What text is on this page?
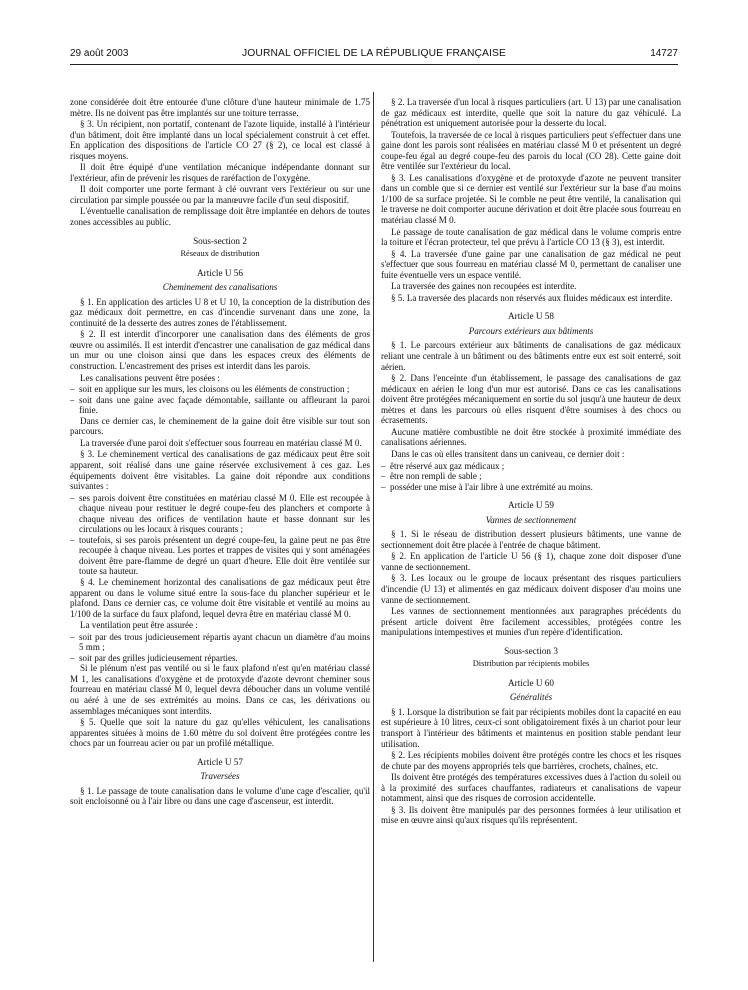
29 août 2003	JOURNAL OFFICIEL DE LA RÉPUBLIQUE FRANÇAISE	14727

zone considérée doit être entourée d'une clôture d'une hauteur minimale de 1.75 mètre. Ils ne doivent pas être implantés sur une toiture terrasse.

§ 3. Un récipient, non portatif, contenant de l'azote liquide, installé à l'intérieur d'un bâtiment, doit être implanté dans un local spécialement construit à cet effet. En application des dispositions de l'article CO 27 (§ 2), ce local est classé à risques moyens.

Il doit être équipé d'une ventilation mécanique indépendante donnant sur l'extérieur, afin de prévenir les risques de raréfaction de l'oxygène.

Il doit comporter une porte fermant à clé ouvrant vers l'extérieur ou sur une circulation par simple poussée ou par la manœuvre facile d'un seul dispositif.

L'éventuelle canalisation de remplissage doit être implantée en dehors de toutes zones accessibles au public.

Sous-section 2

Réseaux de distribution

Article U 56

Cheminement des canalisations

§ 1. En application des articles U 8 et U 10, la conception de la distribution des gaz médicaux doit permettre, en cas d'incendie survenant dans une zone, la continuité de la desserte des autres zones de l'établissement.

§ 2. Il est interdit d'incorporer une canalisation dans des éléments de gros œuvre ou assimilés. Il est interdit d'encastrer une canalisation de gaz médical dans un mur ou une cloison ainsi que dans les espaces creux des éléments de construction. L'encastrement des prises est interdit dans les parois.

Les canalisations peuvent être posées :

– soit en applique sur les murs, les cloisons ou les éléments de construction ;

– soit dans une gaine avec façade démontable, saillante ou affleurant la paroi finie.

Dans ce dernier cas, le cheminement de la gaine doit être visible sur tout son parcours.

La traversée d'une paroi doit s'effectuer sous fourreau en matériau classé M 0.

§ 3. Le cheminement vertical des canalisations de gaz médicaux peut être soit apparent, soit réalisé dans une gaine réservée exclusivement à ces gaz. Les équipements doivent être visitables. La gaine doit répondre aux conditions suivantes :

– ses parois doivent être constituées en matériau classé M 0. Elle est recoupée à chaque niveau pour restituer le degré coupe-feu des planchers et comporte à chaque niveau des orifices de ventilation haute et basse donnant sur les circulations ou les locaux à risques courants ;

– toutefois, si ses parois présentent un degré coupe-feu, la gaine peut ne pas être recoupée à chaque niveau. Les portes et trappes de visites qui y sont aménagées doivent être pare-flamme de degré un quart d'heure. Elle doit être ventilée sur toute sa hauteur.

§ 4. Le cheminement horizontal des canalisations de gaz médicaux peut être apparent ou dans le volume situé entre la sous-face du plancher supérieur et le plafond. Dans ce dernier cas, ce volume doit être visitable et ventilé au moins au 1/100 de la surface du faux plafond, lequel devra être en matériau classé M 0.

La ventilation peut être assurée :

– soit par des trous judicieusement répartis ayant chacun un diamètre d'au moins 5 mm ;

– soit par des grilles judicieusement réparties.

Si le plénum n'est pas ventilé ou si le faux plafond n'est qu'en matériau classé M 1, les canalisations d'oxygène et de protoxyde d'azote devront cheminer sous fourreau en matériau classé M 0, lequel devra déboucher dans un volume ventilé ou aéré à une de ses extrémités au moins. Dans ce cas, les dérivations ou assemblages mécaniques sont interdits.

§ 5. Quelle que soit la nature du gaz qu'elles véhiculent, les canalisations apparentes situées à moins de 1.60 mètre du sol doivent être protégées contre les chocs par un fourreau acier ou par un profilé métallique.

Article U 57

Traversées

§ 1. Le passage de toute canalisation dans le volume d'une cage d'escalier, qu'il soit encloisonné ou à l'air libre ou dans une cage d'ascenseur, est interdit.

§ 2. La traversée d'un local à risques particuliers (art. U 13) par une canalisation de gaz médicaux est interdite, quelle que soit la nature du gaz véhiculé. La pénétration est uniquement autorisée pour la desserte du local.

Toutefois, la traversée de ce local à risques particuliers peut s'effectuer dans une gaine dont les parois sont réalisées en matériau classé M 0 et présentent un degré coupe-feu égal au degré coupe-feu des parois du local (CO 28). Cette gaine doit être ventilée sur l'extérieur du local.

§ 3. Les canalisations d'oxygène et de protoxyde d'azote ne peuvent transiter dans un comble que si ce dernier est ventilé sur l'extérieur sur la base d'au moins 1/100 de sa surface projetée. Si le comble ne peut être ventilé, la canalisation qui le traverse ne doit comporter aucune dérivation et doit être placée sous fourreau en matériau classé M 0.

Le passage de toute canalisation de gaz médical dans le volume compris entre la toiture et l'écran protecteur, tel que prévu à l'article CO 13 (§ 3), est interdit.

§ 4. La traversée d'une gaine par une canalisation de gaz médical ne peut s'effectuer que sous fourreau en matériau classé M 0, permettant de canaliser une fuite éventuelle vers un espace ventilé.

La traversée des gaines non recoupées est interdite.

§ 5. La traversée des placards non réservés aux fluides médicaux est interdite.

Article U 58

Parcours extérieurs aux bâtiments

§ 1. Le parcours extérieur aux bâtiments de canalisations de gaz médicaux reliant une centrale à un bâtiment ou des bâtiments entre eux est soit enterré, soit aérien.

§ 2. Dans l'enceinte d'un établissement, le passage des canalisations de gaz médicaux en aérien le long d'un mur est autorisé. Dans ce cas les canalisations doivent être protégées mécaniquement en sortie du sol jusqu'à une hauteur de deux mètres et dans les parcours où elles risquent d'être soumises à des chocs ou écrasements.

Aucune matière combustible ne doit être stockée à proximité immédiate des canalisations aériennes.

Dans le cas où elles transitent dans un caniveau, ce dernier doit :

– être réservé aux gaz médicaux ;

– être non rempli de sable ;

– posséder une mise à l'air libre à une extrémité au moins.

Article U 59

Vannes de sectionnement

§ 1. Si le réseau de distribution dessert plusieurs bâtiments, une vanne de sectionnement doit être placée à l'entrée de chaque bâtiment.

§ 2. En application de l'article U 56 (§ 1), chaque zone doit disposer d'une vanne de sectionnement.

§ 3. Les locaux ou le groupe de locaux présentant des risques particuliers d'incendie (U 13) et alimentés en gaz médicaux doivent disposer d'au moins une vanne de sectionnement.

Les vannes de sectionnement mentionnées aux paragraphes précédents du présent article doivent être facilement accessibles, protégées contre les manipulations intempestives et munies d'un repère d'identification.

Sous-section 3

Distribution par récipients mobiles

Article U 60

Généralités

§ 1. Lorsque la distribution se fait par récipients mobiles dont la capacité en eau est supérieure à 10 litres, ceux-ci sont obligatoirement fixés à un chariot pour leur transport à l'intérieur des bâtiments et maintenus en position stable pendant leur utilisation.

§ 2. Les récipients mobiles doivent être protégés contre les chocs et les risques de chute par des moyens appropriés tels que barrières, crochets, chaînes, etc.

Ils doivent être protégés des températures excessives dues à l'action du soleil ou à la proximité des surfaces chauffantes, radiateurs et canalisations de vapeur notamment, ainsi que des risques de corrosion accidentelle.

§ 3. Ils doivent être manipulés par des personnes formées à leur utilisation et mise en œuvre ainsi qu'aux risques qu'ils représentent.
